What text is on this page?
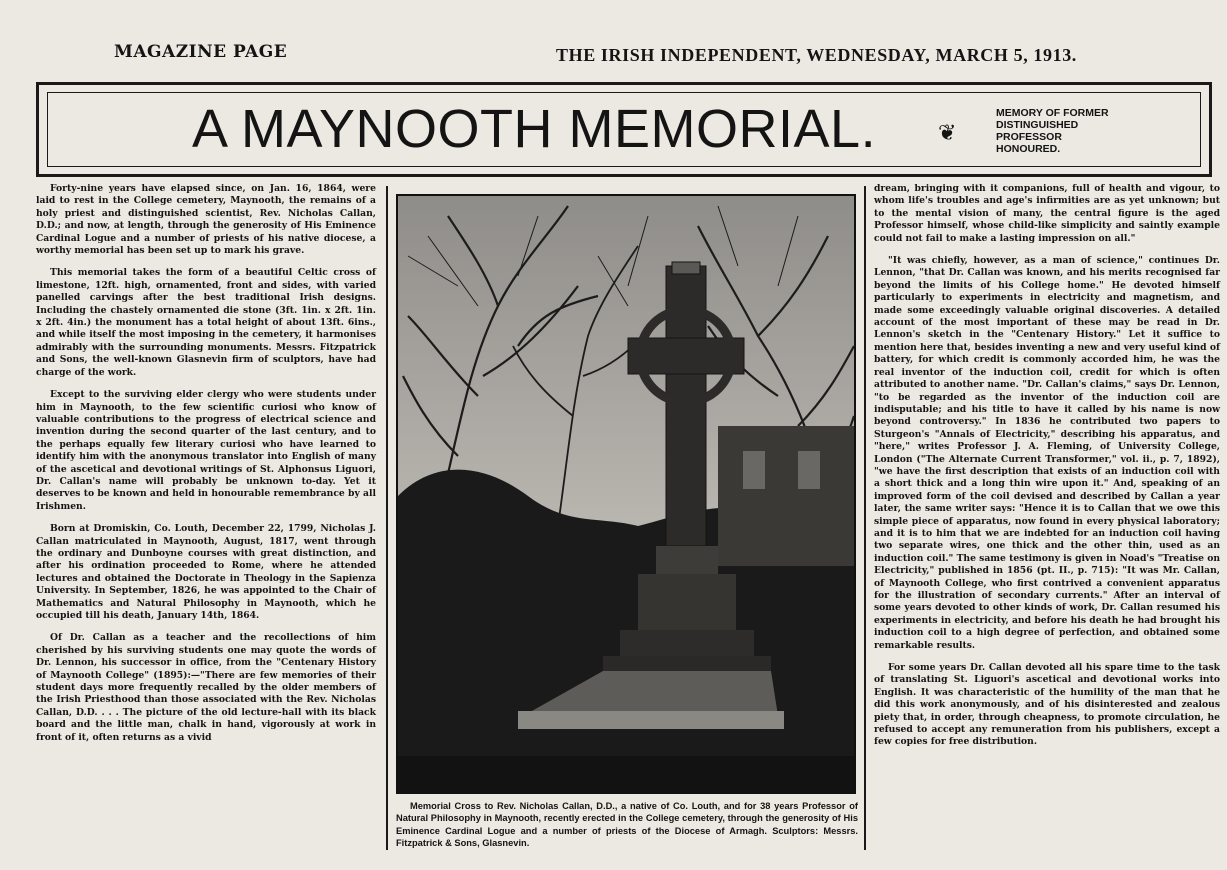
MAGAZINE PAGE	THE IRISH INDEPENDENT, WEDNESDAY, MARCH 5, 1913.
A MAYNOOTH MEMORIAL.	❦
MEMORY OF FORMER DISTINGUISHED PROFESSOR HONOURED.

Forty-nine years have elapsed since, on Jan. 16, 1864, were laid to rest in the College cemetery, Maynooth, the remains of a holy priest and distinguished scientist, Rev. Nicholas Callan, D.D.; and now, at length, through the generosity of His Eminence Cardinal Logue and a number of priests of his native diocese, a worthy memorial has been set up to mark his grave.

This memorial takes the form of a beautiful Celtic cross of limestone, 12ft. high, ornamented, front and sides, with varied panelled carvings after the best traditional Irish designs. Including the chastely ornamented die stone (3ft. 1in. x 2ft. 1in. x 2ft. 4in.) the monument has a total height of about 13ft. 6ins., and while itself the most imposing in the cemetery, it harmonises admirably with the surrounding monuments. Messrs. Fitzpatrick and Sons, the well-known Glasnevin firm of sculptors, have had charge of the work.

Except to the surviving elder clergy who were students under him in Maynooth, to the few scientific curiosi who know of valuable contributions to the progress of electrical science and invention during the second quarter of the last century, and to the perhaps equally few literary curiosi who have learned to identify him with the anonymous translator into English of many of the ascetical and devotional writings of St. Alphonsus Liguori, Dr. Callan's name will probably be unknown to-day. Yet it deserves to be known and held in honourable remembrance by all Irishmen.

Born at Dromiskin, Co. Louth, December 22, 1799, Nicholas J. Callan matriculated in Maynooth, August, 1817, went through the ordinary and Dunboyne courses with great distinction, and after his ordination proceeded to Rome, where he attended lectures and obtained the Doctorate in Theology in the Sapienza University. In September, 1826, he was appointed to the Chair of Mathematics and Natural Philosophy in Maynooth, which he occupied till his death, January 14th, 1864.

Of Dr. Callan as a teacher and the recollections of him cherished by his surviving students one may quote the words of Dr. Lennon, his successor in office, from the "Centenary History of Maynooth College" (1895):—"There are few memories of their student days more frequently recalled by the older members of the Irish Priesthood than those associated with the Rev. Nicholas Callan, D.D. . . . The picture of the old lecture-hall with its black board and the little man, chalk in hand, vigorously at work in front of it, often returns as a vivid

Memorial Cross to Rev. Nicholas Callan, D.D., a native of Co. Louth, and for 38 years Professor of Natural Philosophy in Maynooth, recently erected in the College cemetery, through the generosity of His Eminence Cardinal Logue and a number of priests of the Diocese of Armagh. Sculptors: Messrs. Fitzpatrick & Sons, Glasnevin.

dream, bringing with it companions, full of health and vigour, to whom life's troubles and age's infirmities are as yet unknown; but to the mental vision of many, the central figure is the aged Professor himself, whose child-like simplicity and saintly example could not fail to make a lasting impression on all."

"It was chiefly, however, as a man of science," continues Dr. Lennon, "that Dr. Callan was known, and his merits recognised far beyond the limits of his College home." He devoted himself particularly to experiments in electricity and magnetism, and made some exceedingly valuable original discoveries. A detailed account of the most important of these may be read in Dr. Lennon's sketch in the "Centenary History." Let it suffice to mention here that, besides inventing a new and very useful kind of battery, for which credit is commonly accorded him, he was the real inventor of the induction coil, credit for which is often attributed to another name. "Dr. Callan's claims," says Dr. Lennon, "to be regarded as the inventor of the induction coil are indisputable; and his title to have it called by his name is now beyond controversy." In 1836 he contributed two papers to Sturgeon's "Annals of Electricity," describing his apparatus, and "here," writes Professor J. A. Fleming, of University College, London ("The Alternate Current Transformer," vol. ii., p. 7, 1892), "we have the first description that exists of an induction coil with a short thick and a long thin wire upon it." And, speaking of an improved form of the coil devised and described by Callan a year later, the same writer says: "Hence it is to Callan that we owe this simple piece of apparatus, now found in every physical laboratory; and it is to him that we are indebted for an induction coil having two separate wires, one thick and the other thin, used as an induction coil." The same testimony is given in Noad's "Treatise on Electricity," published in 1856 (pt. II., p. 715): "It was Mr. Callan, of Maynooth College, who first contrived a convenient apparatus for the illustration of secondary currents." After an interval of some years devoted to other kinds of work, Dr. Callan resumed his experiments in electricity, and before his death he had brought his induction coil to a high degree of perfection, and obtained some remarkable results.

For some years Dr. Callan devoted all his spare time to the task of translating St. Liguori's ascetical and devotional works into English. It was characteristic of the humility of the man that he did this work anonymously, and of his disinterested and zealous piety that, in order, through cheapness, to promote circulation, he refused to accept any remuneration from his publishers, except a few copies for free distribution.
